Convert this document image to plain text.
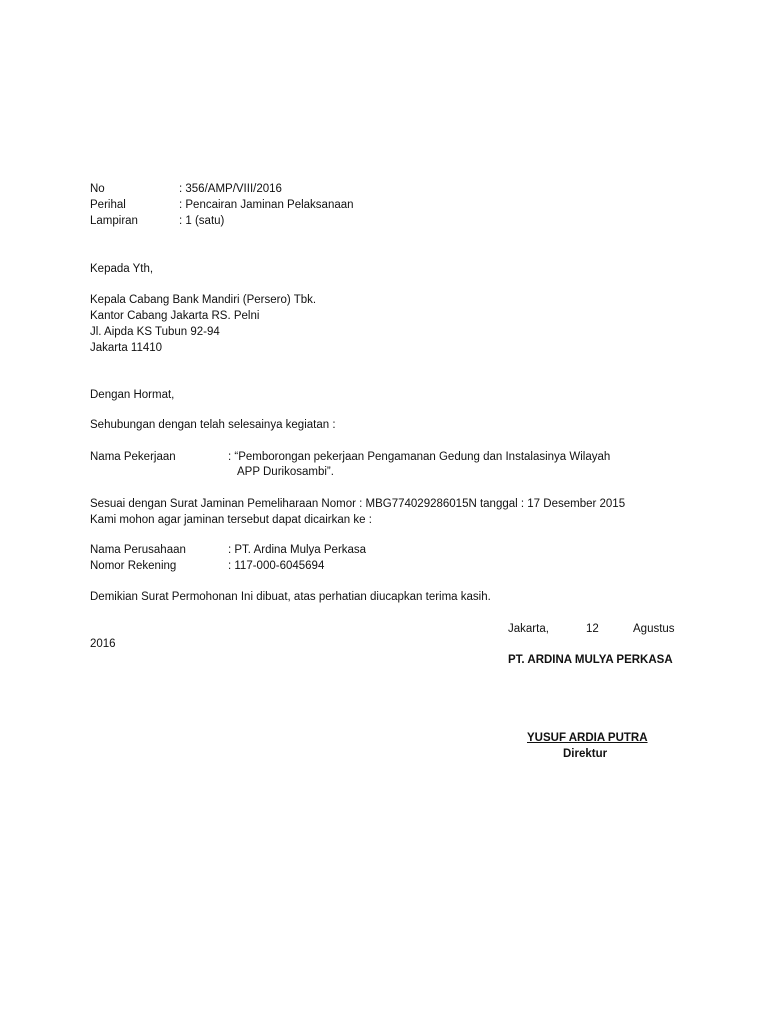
No	: 356/AMP/VIII/2016
Perihal	: Pencairan Jaminan Pelaksanaan
Lampiran	: 1 (satu)
Kepada Yth,
Kepala Cabang Bank Mandiri (Persero) Tbk.
Kantor Cabang Jakarta RS. Pelni
Jl. Aipda KS Tubun 92-94
Jakarta 11410
Dengan Hormat,
Sehubungan dengan telah selesainya kegiatan :
Nama Pekerjaan	: “Pemborongan pekerjaan Pengamanan Gedung dan Instalasinya Wilayah
APP Durikosambi”.
Sesuai dengan Surat Jaminan Pemeliharaan Nomor : MBG774029286015N tanggal : 17 Desember 2015
Kami mohon agar jaminan tersebut dapat dicairkan ke :
Nama Perusahaan	: PT. Ardina Mulya Perkasa
Nomor Rekening	: 117-000-6045694
Demikian Surat Permohonan Ini dibuat, atas perhatian diucapkan terima kasih.
Jakarta,	12	Agustus
2016
PT. ARDINA MULYA PERKASA
YUSUF ARDIA PUTRA
Direktur
